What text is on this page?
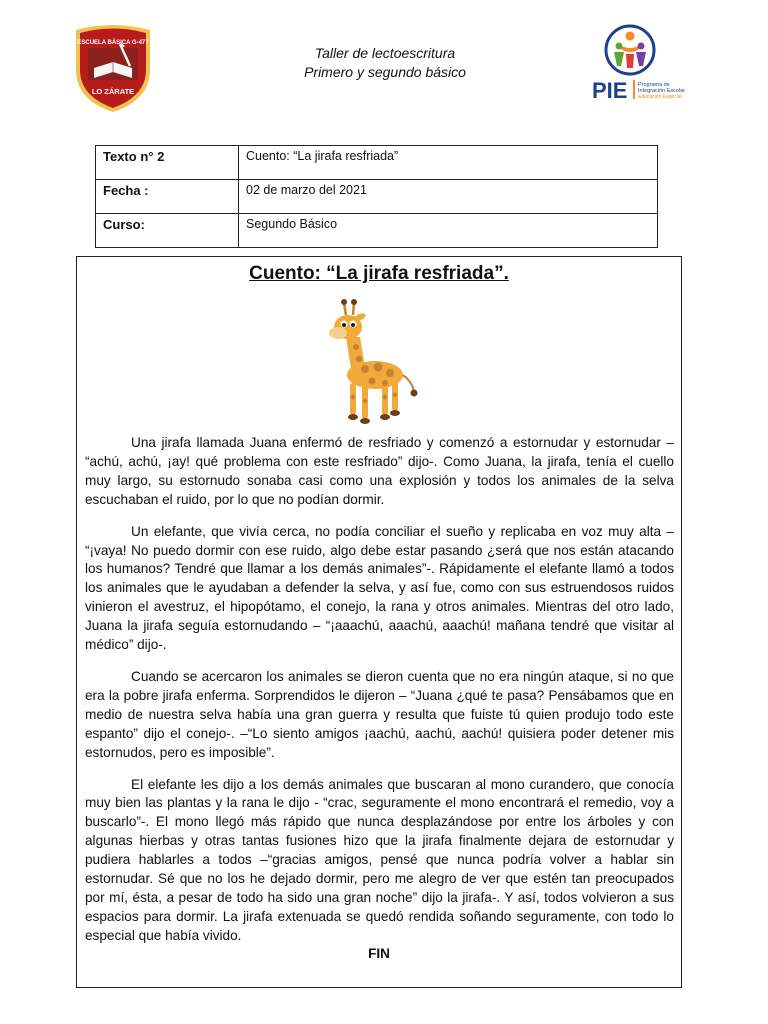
ESCUELA BÁSICA G-477
LO ZÁRATE
Taller de lectoescritura
Primero y segundo básico
PIE Programa de
Integración Escolar
Educación Especial
Texto n° 2	Cuento: “La jirafa resfriada”
Fecha :	02 de marzo del 2021
Curso:	Segundo Básico
Cuento: “La jirafa resfriada”.

Una jirafa llamada Juana enfermó de resfriado y comenzó a estornudar y estornudar – “achú, achú, ¡ay! qué problema con este resfriado” dijo-. Como Juana, la jirafa, tenía el cuello muy largo, su estornudo sonaba casi como una explosión y todos los animales de la selva escuchaban el ruido, por lo que no podían dormir.

Un elefante, que vivía cerca, no podía conciliar el sueño y replicaba en voz muy alta – “¡vaya! No puedo dormir con ese ruido, algo debe estar pasando ¿será que nos están atacando los humanos? Tendré que llamar a los demás animales”-. Rápidamente el elefante llamó a todos los animales que le ayudaban a defender la selva, y así fue, como con sus estruendosos ruidos vinieron el avestruz, el hipopótamo, el conejo, la rana y otros animales. Mientras del otro lado, Juana la jirafa seguía estornudando – “¡aaachú, aaachú, aaachú! mañana tendré que visitar al médico” dijo-.

Cuando se acercaron los animales se dieron cuenta que no era ningún ataque, si no que era la pobre jirafa enferma. Sorprendidos le dijeron – “Juana ¿qué te pasa? Pensábamos que en medio de nuestra selva había una gran guerra y resulta que fuiste tú quien produjo todo este espanto” dijo el conejo-. –“Lo siento amigos ¡aachú, aachú, aachú! quisiera poder detener mis estornudos, pero es imposible”.

El elefante les dijo a los demás animales que buscaran al mono curandero, que conocía muy bien las plantas y la rana le dijo - “crac, seguramente el mono encontrará el remedio, voy a buscarlo”-. El mono llegó más rápido que nunca desplazándose por entre los árboles y con algunas hierbas y otras tantas fusiones hizo que la jirafa finalmente dejara de estornudar y pudiera hablarles a todos –“gracias amigos, pensé que nunca podría volver a hablar sin estornudar. Sé que no los he dejado dormir, pero me alegro de ver que estén tan preocupados por mí, ésta, a pesar de todo ha sido una gran noche” dijo la jirafa-. Y así, todos volvieron a sus espacios para dormir. La jirafa extenuada se quedó rendida soñando seguramente, con todo lo especial que había vivido.

FIN
